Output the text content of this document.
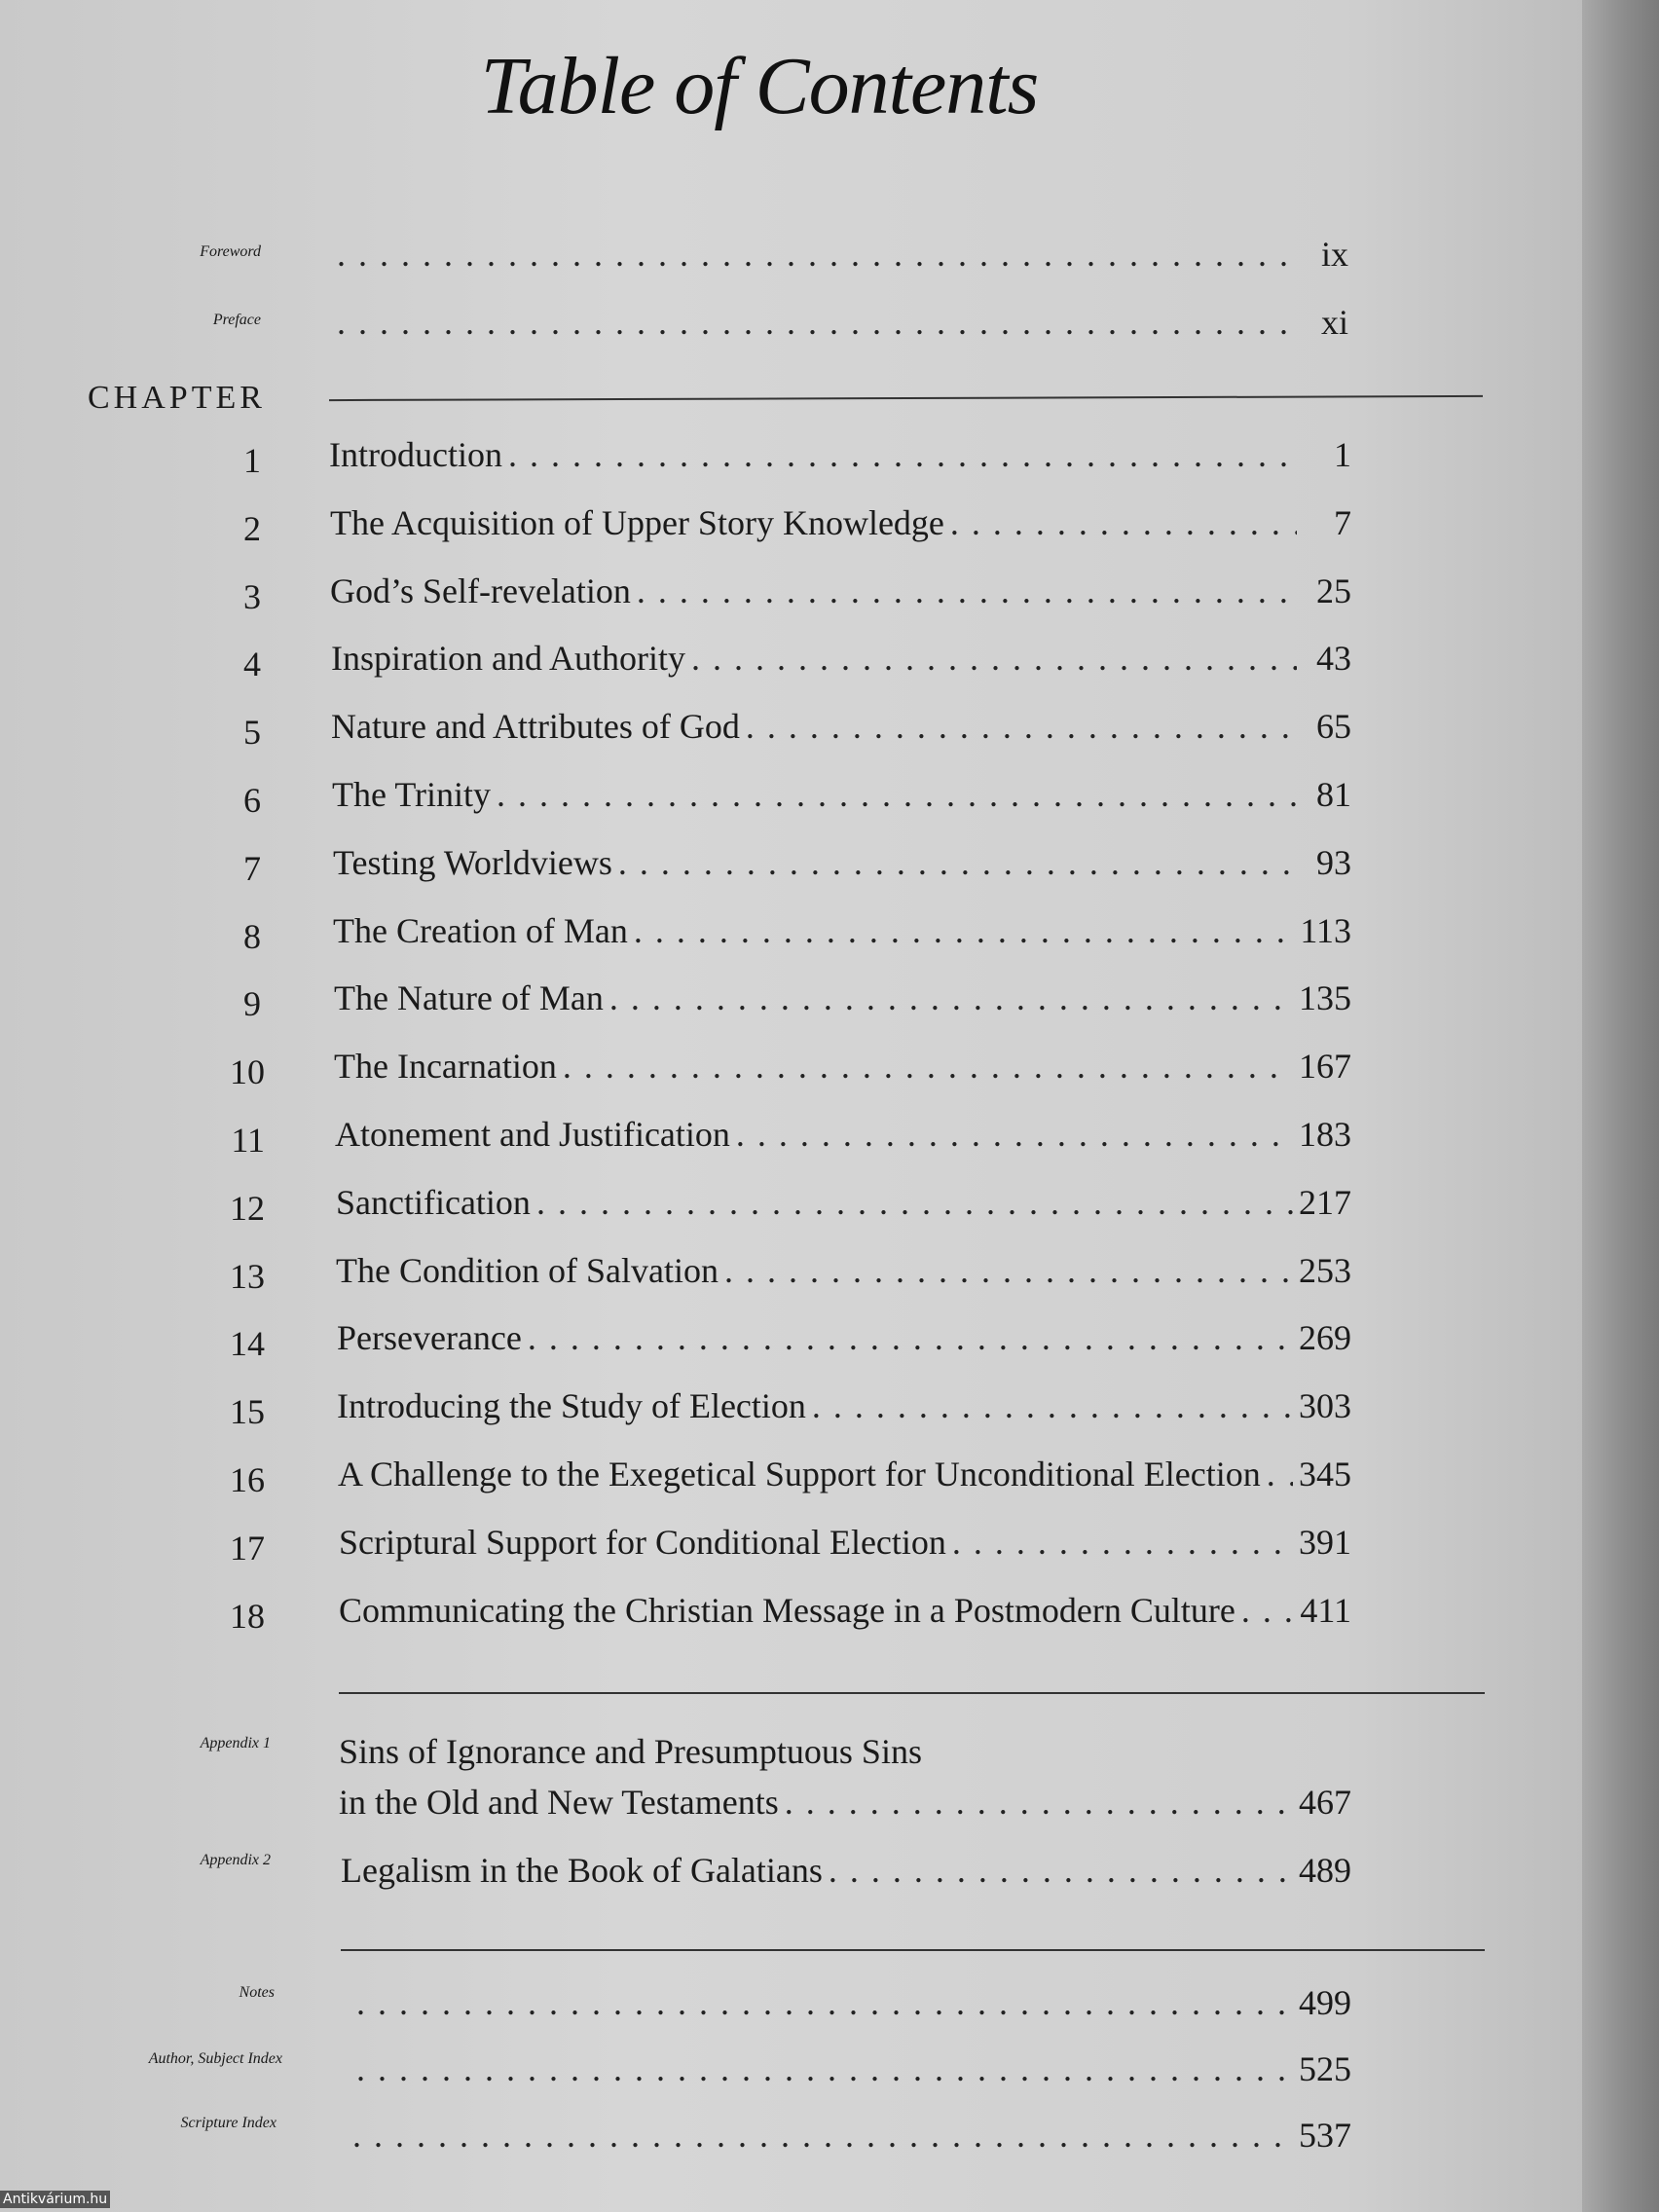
Table of Contents
Foreword . . .	ix
Preface . . .	xi
CHAPTER
1 Introduction . . .	1
2 The Acquisition of Upper Story Knowledge . . .	7
3 God’s Self-revelation . . .	25
4 Inspiration and Authority . . .	43
5 Nature and Attributes of God . . .	65
6 The Trinity . . .	81
7 Testing Worldviews . . .	93
8 The Creation of Man . . .	113
9 The Nature of Man . . .	135
10 The Incarnation . . .	167
11 Atonement and Justification . . .	183
12 Sanctification . . .	217
13 The Condition of Salvation . . .	253
14 Perseverance . . .	269
15 Introducing the Study of Election . . .	303
16 A Challenge to the Exegetical Support for Unconditional Election . . . 345
17 Scriptural Support for Conditional Election . . .	391
18 Communicating the Christian Message in a Postmodern Culture . . . 411
Appendix 1 Sins of Ignorance and Presumptuous Sins
in the Old and New Testaments . . .	467
Appendix 2 Legalism in the Book of Galatians . . .	489
Notes . . .	499
Author, Subject Index . . .	525
Scripture Index . . .	537
Antikvárium.hu
